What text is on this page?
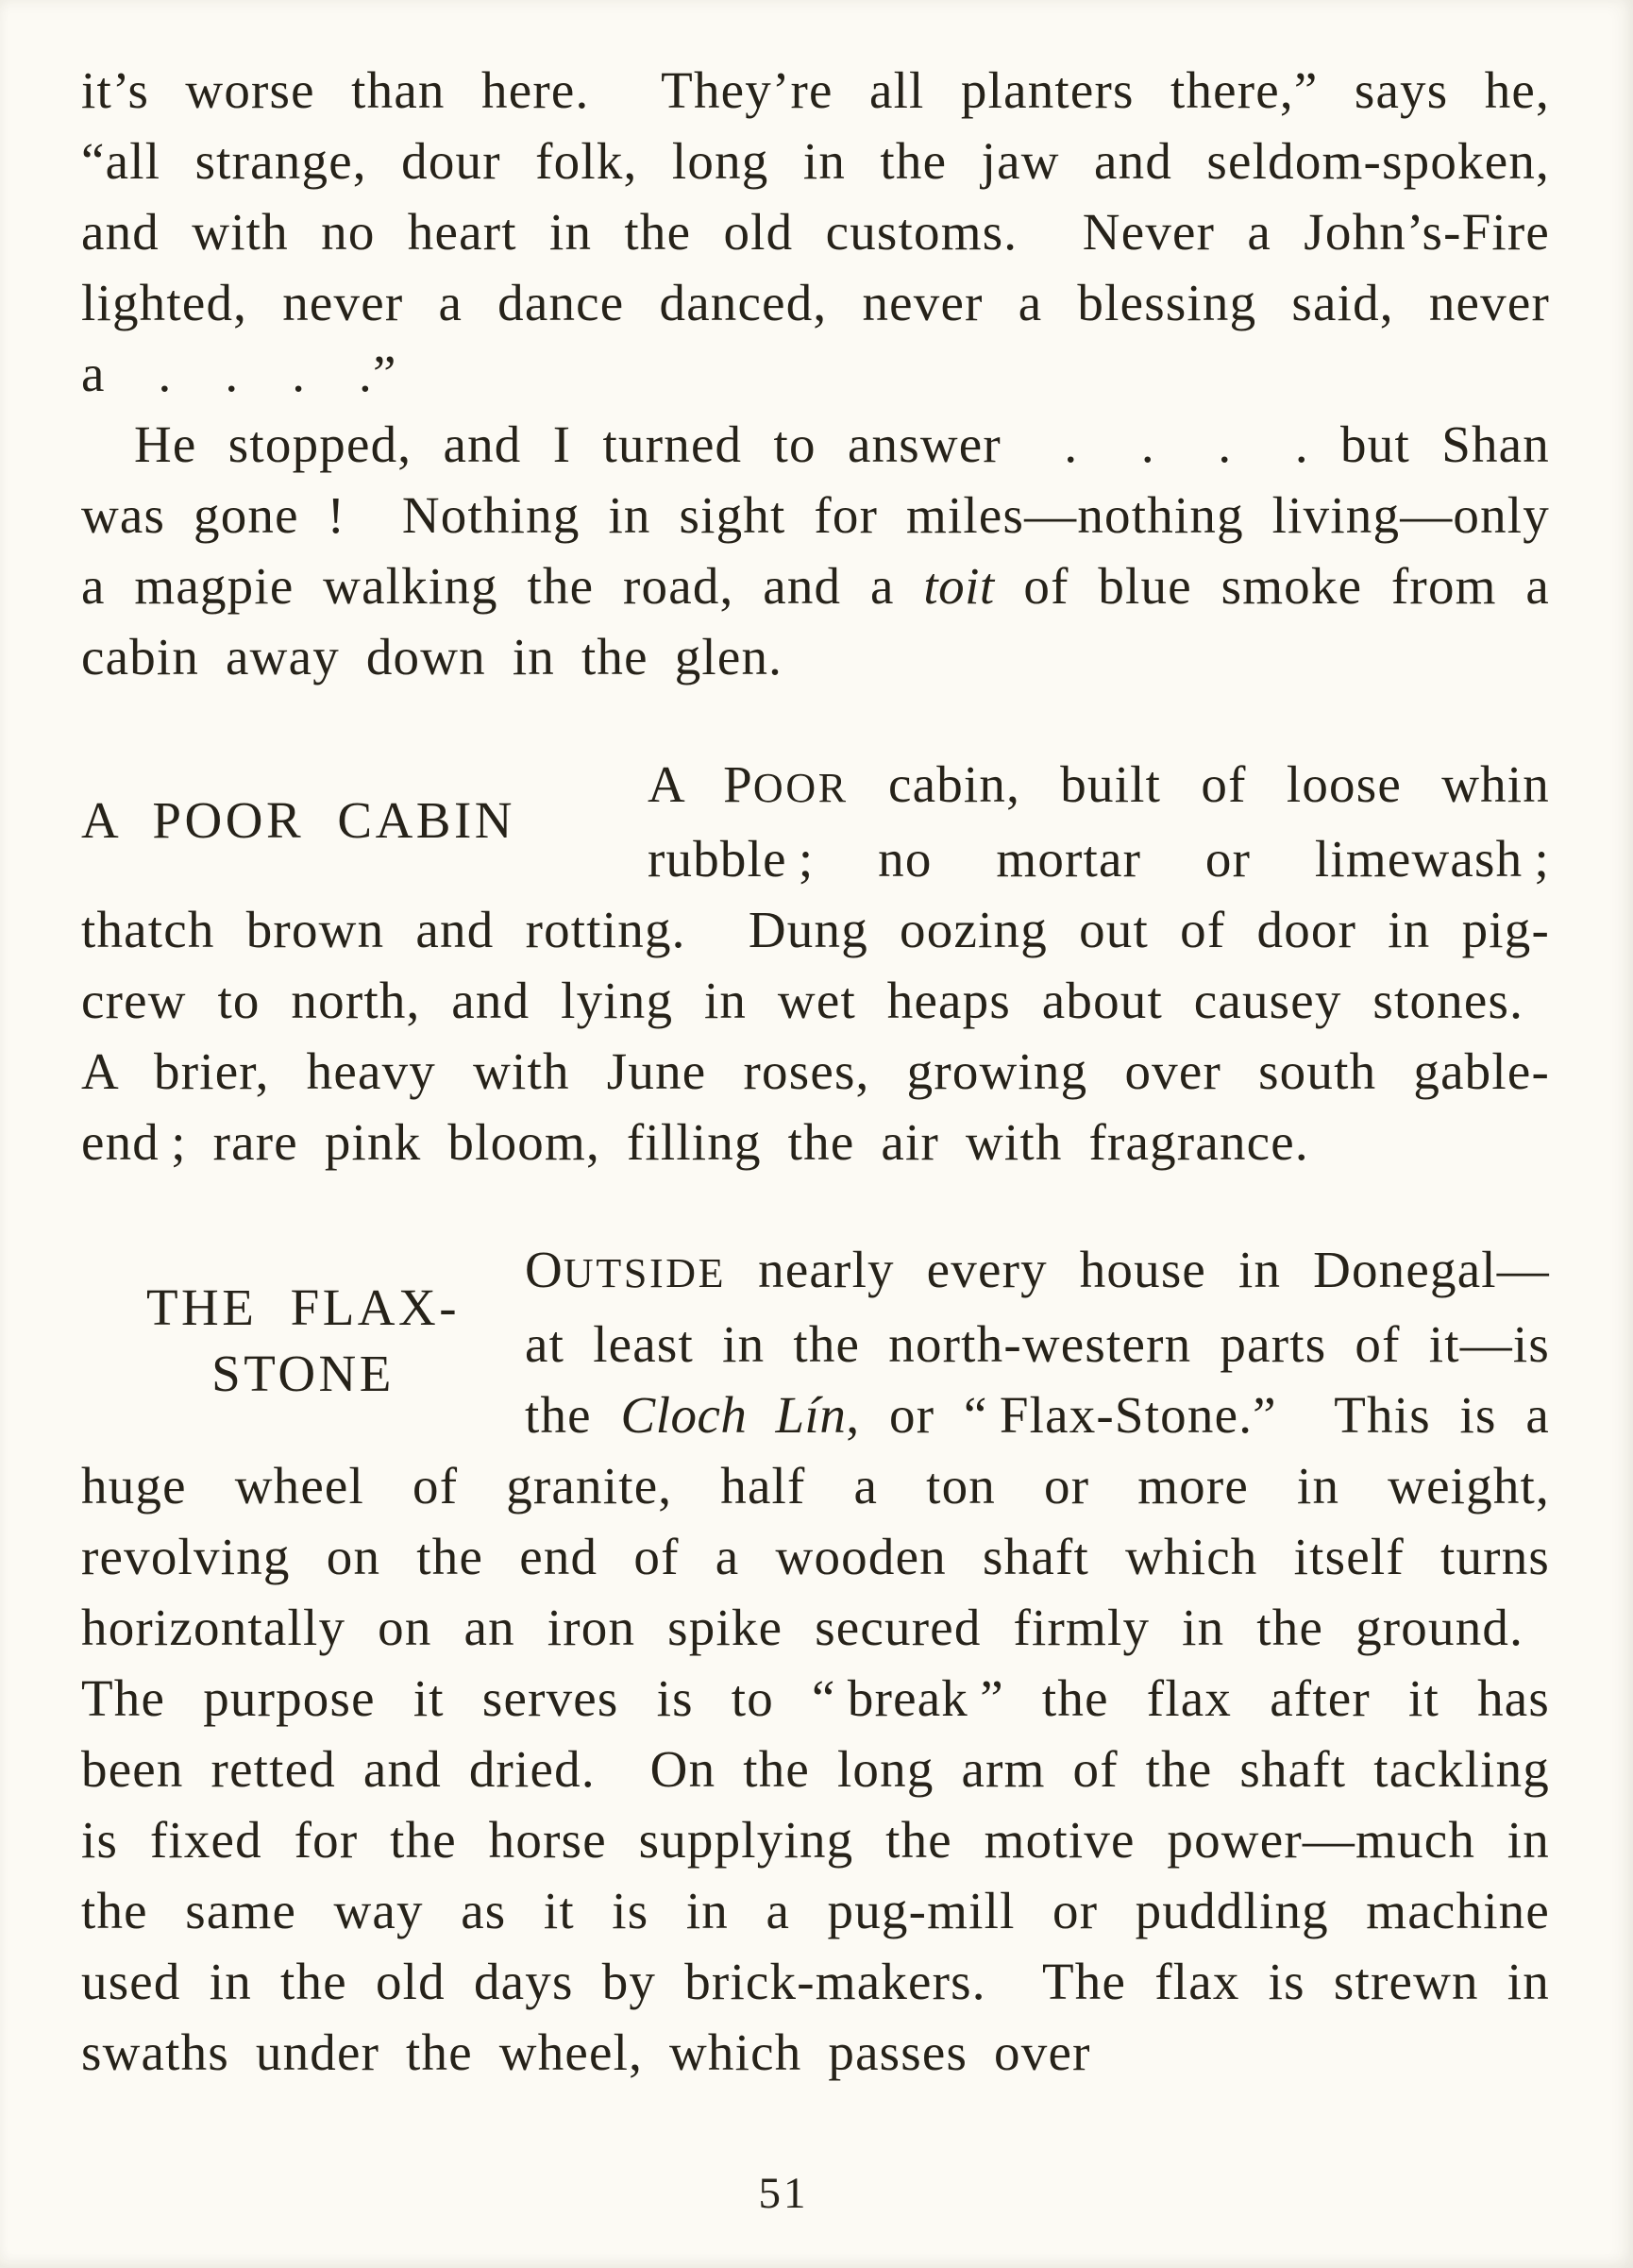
it’s worse than here.  They’re all planters there,” says he, “all strange, dour folk, long in the jaw and seldom-spoken, and with no heart in the old customs.  Never a John’s-Fire lighted, never a dance danced, never a blessing said, never a  .  .  .  .”

He stopped, and I turned to answer  .  .  .  . but Shan was gone !  Nothing in sight for miles—nothing living—only a magpie walking the road, and a toit of blue smoke from a cabin away down in the glen.

A POOR CABIN

A POOR cabin, built of loose whin rubble ; no mortar or limewash ; thatch brown and rotting.  Dung oozing out of door in pig-crew to north, and lying in wet heaps about causey stones.  A brier, heavy with June roses, growing over south gable-end ; rare pink bloom, filling the air with fragrance.

THE FLAX-
STONE

OUTSIDE nearly every house in Donegal—at least in the north-western parts of it—is the Cloch Lín, or “ Flax-Stone.”  This is a huge wheel of granite, half a ton or more in weight, revolving on the end of a wooden shaft which itself turns horizontally on an iron spike secured firmly in the ground.  The purpose it serves is to “ break ” the flax after it has been retted and dried.  On the long arm of the shaft tackling is fixed for the horse supplying the motive power—much in the same way as it is in a pug-mill or puddling machine used in the old days by brick-makers.  The flax is strewn in swaths under the wheel, which passes over

51
